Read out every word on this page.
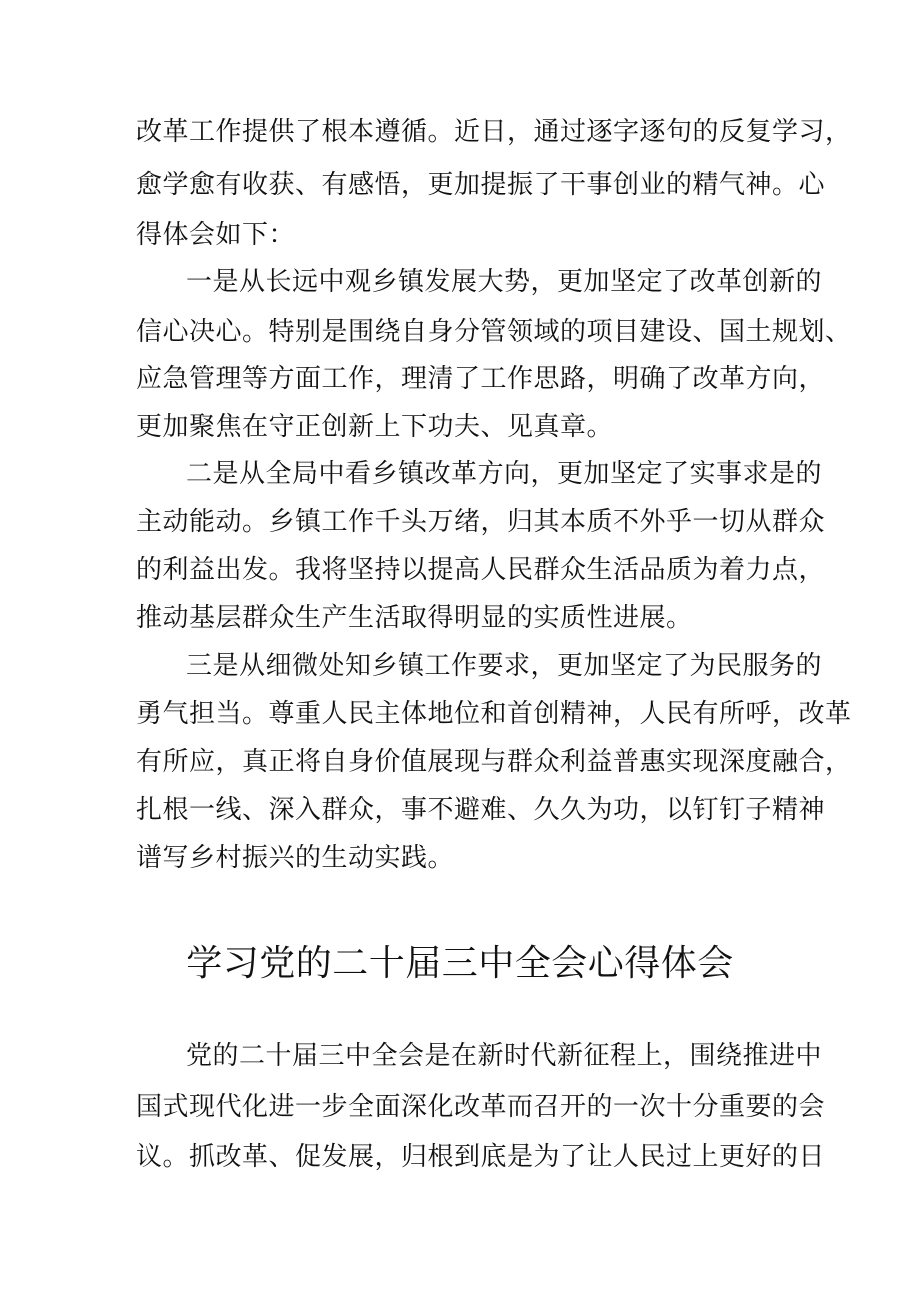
改革工作提供了根本遵循。近日，通过逐字逐句的反复学习，
愈学愈有收获、有感悟，更加提振了干事创业的精气神。心
得体会如下：
一是从长远中观乡镇发展大势，更加坚定了改革创新的
信心决心。特别是围绕自身分管领域的项目建设、国土规划、
应急管理等方面工作，理清了工作思路，明确了改革方向，
更加聚焦在守正创新上下功夫、见真章。
二是从全局中看乡镇改革方向，更加坚定了实事求是的
主动能动。乡镇工作千头万绪，归其本质不外乎一切从群众
的利益出发。我将坚持以提高人民群众生活品质为着力点，
推动基层群众生产生活取得明显的实质性进展。
三是从细微处知乡镇工作要求，更加坚定了为民服务的
勇气担当。尊重人民主体地位和首创精神，人民有所呼，改革
有所应，真正将自身价值展现与群众利益普惠实现深度融合，
扎根一线、深入群众，事不避难、久久为功，以钉钉子精神
谱写乡村振兴的生动实践。
学习党的二十届三中全会心得体会
党的二十届三中全会是在新时代新征程上，围绕推进中
国式现代化进一步全面深化改革而召开的一次十分重要的会
议。抓改革、促发展，归根到底是为了让人民过上更好的日
